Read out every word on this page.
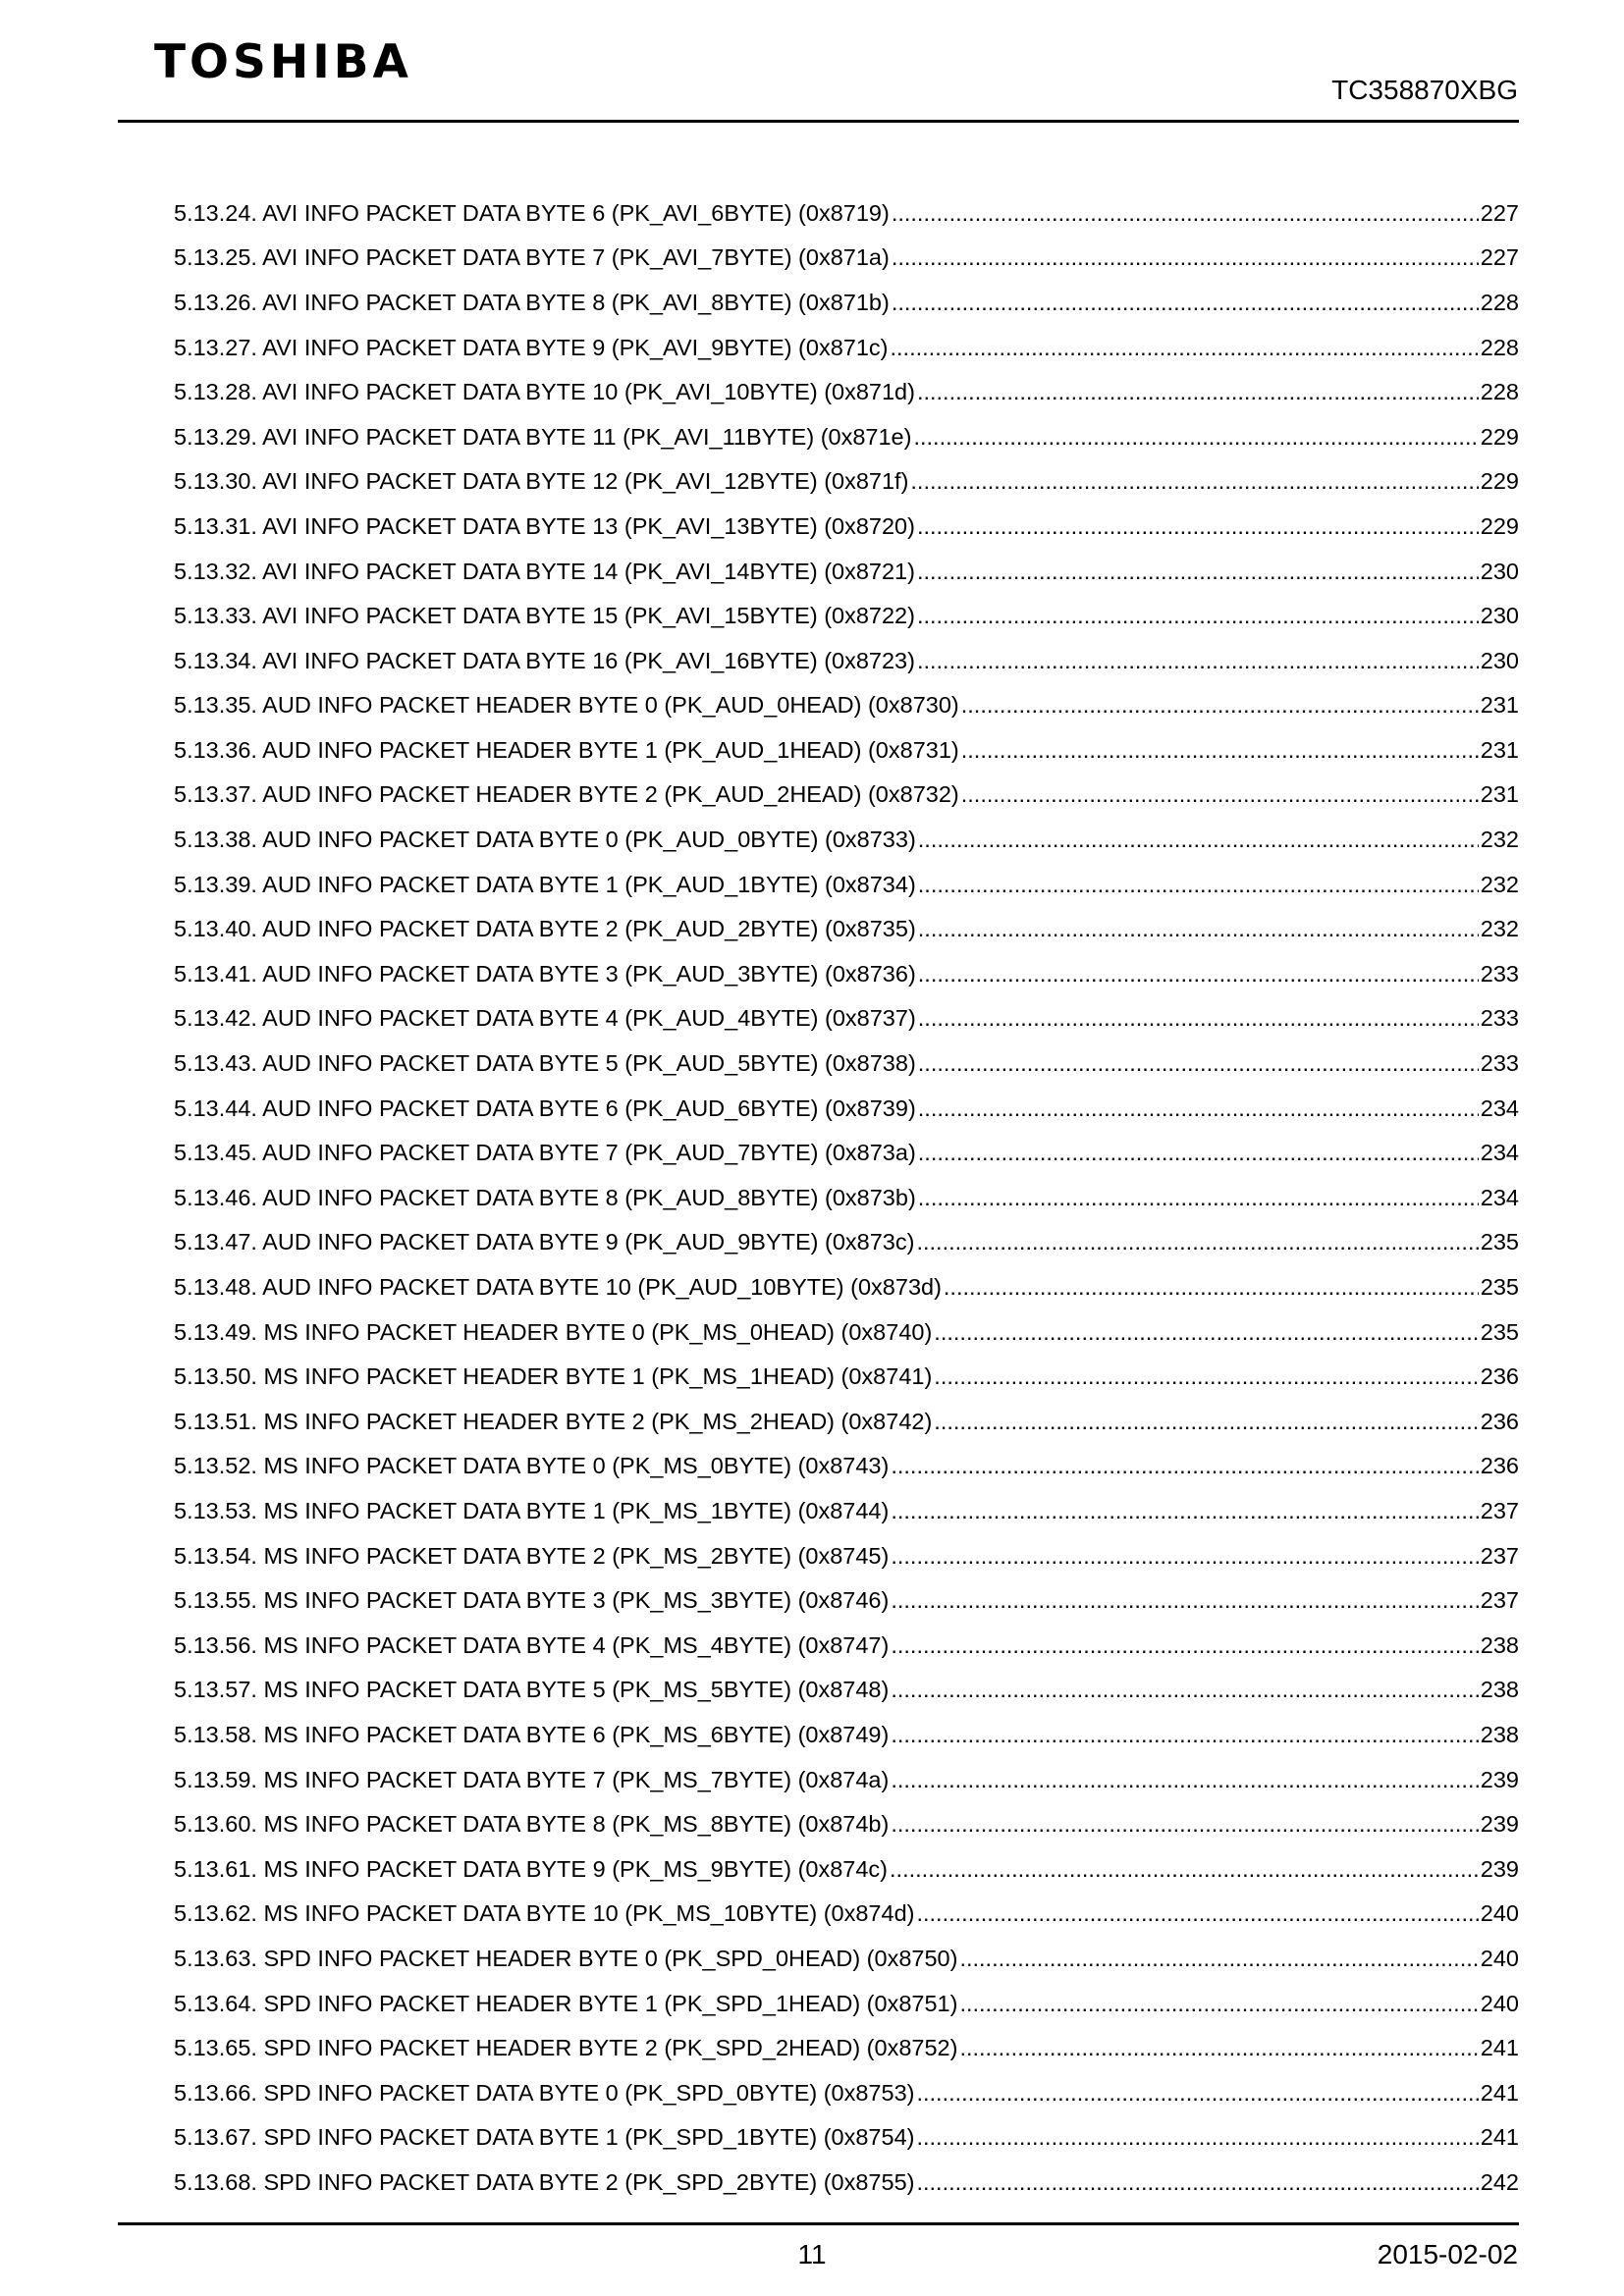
TOSHIBA
TC358870XBG
5.13.24. AVI INFO PACKET DATA BYTE 6 (PK_AVI_6BYTE) (0x8719) .....	227
5.13.25. AVI INFO PACKET DATA BYTE 7 (PK_AVI_7BYTE) (0x871a) .....	227
5.13.26. AVI INFO PACKET DATA BYTE 8 (PK_AVI_8BYTE) (0x871b) .....	228
5.13.27. AVI INFO PACKET DATA BYTE 9 (PK_AVI_9BYTE) (0x871c) .....	228
5.13.28. AVI INFO PACKET DATA BYTE 10 (PK_AVI_10BYTE) (0x871d) .....	228
5.13.29. AVI INFO PACKET DATA BYTE 11 (PK_AVI_11BYTE) (0x871e) .....	229
5.13.30. AVI INFO PACKET DATA BYTE 12 (PK_AVI_12BYTE) (0x871f) .....	229
5.13.31. AVI INFO PACKET DATA BYTE 13 (PK_AVI_13BYTE) (0x8720) .....	229
5.13.32. AVI INFO PACKET DATA BYTE 14 (PK_AVI_14BYTE) (0x8721) .....	230
5.13.33. AVI INFO PACKET DATA BYTE 15 (PK_AVI_15BYTE) (0x8722) .....	230
5.13.34. AVI INFO PACKET DATA BYTE 16 (PK_AVI_16BYTE) (0x8723) .....	230
5.13.35. AUD INFO PACKET HEADER BYTE 0 (PK_AUD_0HEAD) (0x8730) .....	231
5.13.36. AUD INFO PACKET HEADER BYTE 1 (PK_AUD_1HEAD) (0x8731) .....	231
5.13.37. AUD INFO PACKET HEADER BYTE 2 (PK_AUD_2HEAD) (0x8732) .....	231
5.13.38. AUD INFO PACKET DATA BYTE 0 (PK_AUD_0BYTE) (0x8733) .....	232
5.13.39. AUD INFO PACKET DATA BYTE 1 (PK_AUD_1BYTE) (0x8734) .....	232
5.13.40. AUD INFO PACKET DATA BYTE 2 (PK_AUD_2BYTE) (0x8735) .....	232
5.13.41. AUD INFO PACKET DATA BYTE 3 (PK_AUD_3BYTE) (0x8736) .....	233
5.13.42. AUD INFO PACKET DATA BYTE 4 (PK_AUD_4BYTE) (0x8737) .....	233
5.13.43. AUD INFO PACKET DATA BYTE 5 (PK_AUD_5BYTE) (0x8738) .....	233
5.13.44. AUD INFO PACKET DATA BYTE 6 (PK_AUD_6BYTE) (0x8739) .....	234
5.13.45. AUD INFO PACKET DATA BYTE 7 (PK_AUD_7BYTE) (0x873a) .....	234
5.13.46. AUD INFO PACKET DATA BYTE 8 (PK_AUD_8BYTE) (0x873b) .....	234
5.13.47. AUD INFO PACKET DATA BYTE 9 (PK_AUD_9BYTE) (0x873c) .....	235
5.13.48. AUD INFO PACKET DATA BYTE 10 (PK_AUD_10BYTE) (0x873d) .....	235
5.13.49. MS INFO PACKET HEADER BYTE 0 (PK_MS_0HEAD) (0x8740) .....	235
5.13.50. MS INFO PACKET HEADER BYTE 1 (PK_MS_1HEAD) (0x8741) .....	236
5.13.51. MS INFO PACKET HEADER BYTE 2 (PK_MS_2HEAD) (0x8742) .....	236
5.13.52. MS INFO PACKET DATA BYTE 0 (PK_MS_0BYTE) (0x8743) .....	236
5.13.53. MS INFO PACKET DATA BYTE 1 (PK_MS_1BYTE) (0x8744) .....	237
5.13.54. MS INFO PACKET DATA BYTE 2 (PK_MS_2BYTE) (0x8745) .....	237
5.13.55. MS INFO PACKET DATA BYTE 3 (PK_MS_3BYTE) (0x8746) .....	237
5.13.56. MS INFO PACKET DATA BYTE 4 (PK_MS_4BYTE) (0x8747) .....	238
5.13.57. MS INFO PACKET DATA BYTE 5 (PK_MS_5BYTE) (0x8748) .....	238
5.13.58. MS INFO PACKET DATA BYTE 6 (PK_MS_6BYTE) (0x8749) .....	238
5.13.59. MS INFO PACKET DATA BYTE 7 (PK_MS_7BYTE) (0x874a) .....	239
5.13.60. MS INFO PACKET DATA BYTE 8 (PK_MS_8BYTE) (0x874b) .....	239
5.13.61. MS INFO PACKET DATA BYTE 9 (PK_MS_9BYTE) (0x874c) .....	239
5.13.62. MS INFO PACKET DATA BYTE 10 (PK_MS_10BYTE) (0x874d) .....	240
5.13.63. SPD INFO PACKET HEADER BYTE 0 (PK_SPD_0HEAD) (0x8750) .....	240
5.13.64. SPD INFO PACKET HEADER BYTE 1 (PK_SPD_1HEAD) (0x8751) .....	240
5.13.65. SPD INFO PACKET HEADER BYTE 2 (PK_SPD_2HEAD) (0x8752) .....	241
5.13.66. SPD INFO PACKET DATA BYTE 0 (PK_SPD_0BYTE) (0x8753) .....	241
5.13.67. SPD INFO PACKET DATA BYTE 1 (PK_SPD_1BYTE) (0x8754) .....	241
5.13.68. SPD INFO PACKET DATA BYTE 2 (PK_SPD_2BYTE) (0x8755) .....	242
11	2015-02-02
